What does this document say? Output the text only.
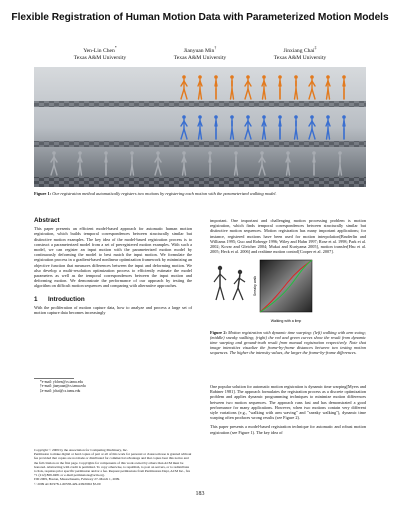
Flexible Registration of Human Motion Data with Parameterized Motion Models
Yen-Lin Chen*
Texas A&M University
Jianyuan Min†
Texas A&M University
Jinxiang Chai‡
Texas A&M University
Figure 1: Our registration method automatically registers two motions by registering each motion with the parameterized walking model.
Abstract

This paper presents an efficient model-based approach for automatic human motion registration, which builds temporal correspondences between structurally similar but distinctive motion examples. The key idea of the model-based registration process is to construct a parameterized model from a set of preregistered motion examples. With such a model, we can register an input motion with the parameterized motion model by continuously deforming the model to best match the input motion. We formulate the registration process in a gradient-based nonlinear optimization framework by minimizing an objective function that measures differences between the input and deforming motion. We also develop a multi-resolution optimization process to efficiently estimate the model parameters as well as the temporal correspondences between the input motion and deforming motion. We demonstrate the performance of our approach by testing the algorithm on difficult motion sequences and comparing with alternative approaches.

1 Introduction

With the proliferation of motion capture data, how to analyze and process a large set of motion capture data becomes increasingly

*e-mail: ylchen@cs.tamu.edu
†e-mail: jianyuan@cs.tamu.edu
‡e-mail: jchai@cs.tamu.edu
Copyright © 2009 by the Association for Computing Machinery, Inc.
Permission to make digital or hard copies of part or all of this work for personal or classroom use is granted without fee provided that copies are not made or distributed for commercial advantage and that copies bear this notice and the full citation on the first page. Copyrights for components of this work owned by others than ACM must be honored. Abstracting with credit is permitted. To copy otherwise, to republish, to post on servers, or to redistribute to lists, requires prior specific permission and/or a fee. Request permissions from Permissions Dept, ACM Inc., fax +1 (212) 869-0481 or e-mail permissions@acm.org.
I3D 2009, Boston, Massachusetts, February 27–March 1, 2009.
© 2009 ACM 978-1-60558-429-4/09/0002 $5.00

important. One important and challenging motion processing problem is motion registration, which finds temporal correspondences between structurally similar but distinctive motion sequences. Motion registration has many important applications; for instance, registered motions have been used for motion interpolation[Bruderlin and Williams 1995; Guo and Roberge 1996; Wiley and Hahn 1997; Rose et al. 1998; Park et al. 2002; Kovar and Gleicher 2004; Mukai and Kuriyama 2005], motion transfer[Hsu et al. 2005; Heck et al. 2006] and realtime motion control[Cooper et al. 2007].

Walking with a limp
Sneaky walk
Figure 2: Motion registration with dynamic time warping: (left) walking with arm swing; (middle) sneaky walking; (right) the red and green curves show the result from dynamic time warping and ground-truth result from manual registration respectively. Note that image intensities visualize the frame-by-frame distances between two testing motion sequences. The higher the intensity values, the larger the frame-by-frame differences.

One popular solution for automatic motion registration is dynamic time warping[Myers and Rabiner 1981]. The approach formulates the registration process as a discrete optimization problem and applies dynamic programming techniques to minimize motion differences between two motion sequences. The approach runs fast and has demonstrated a good performance for many applications. However, when two motions contain very different style variations (e.g., "walking with arm waving" and "sneaky walking"), dynamic time warping often produces wrong results (see Figure 2).

This paper presents a model-based registration technique for automatic and robust motion registration (see Figure 1). The key idea of

183
